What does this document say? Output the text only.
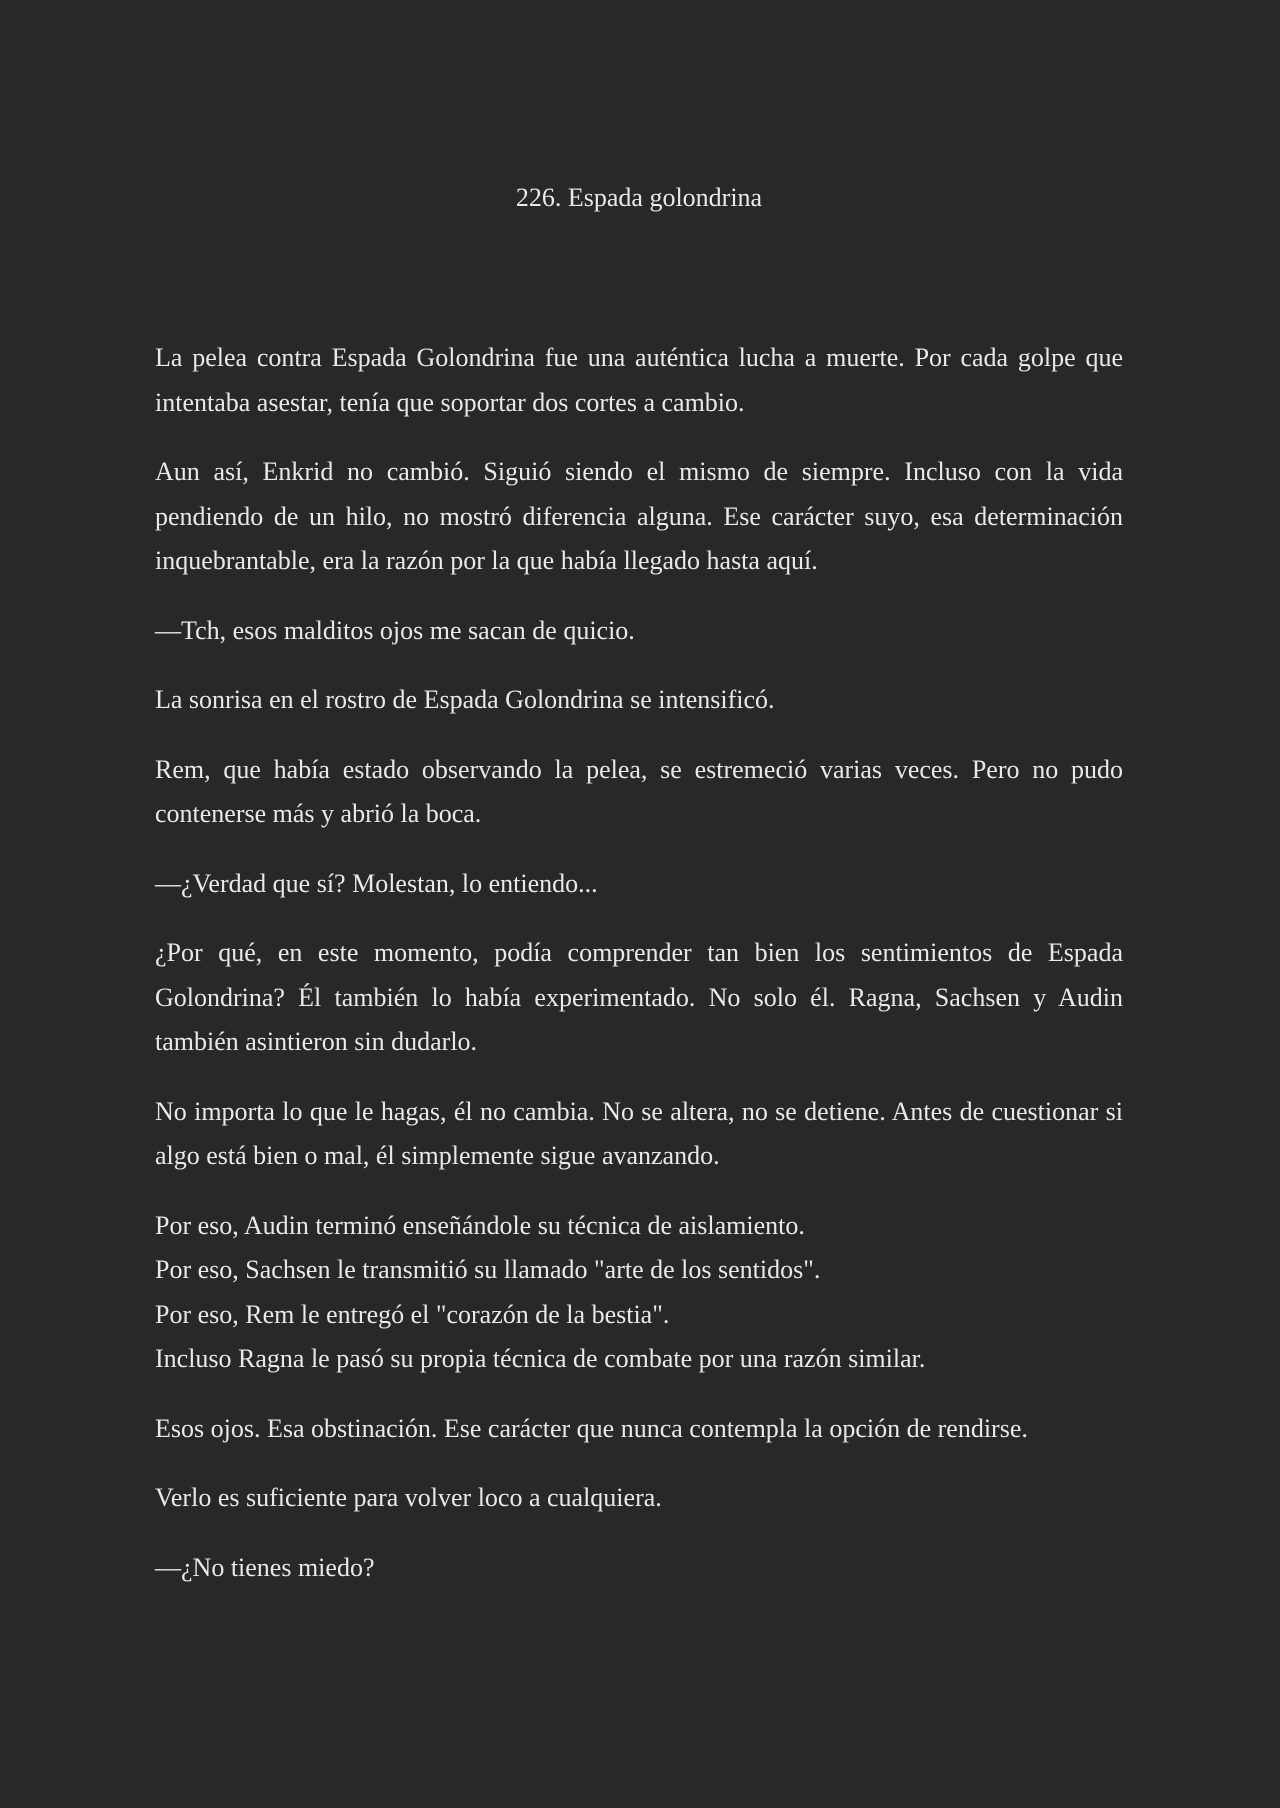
226. Espada golondrina

La pelea contra Espada Golondrina fue una auténtica lucha a muerte. Por cada golpe que intentaba asestar, tenía que soportar dos cortes a cambio.

Aun así, Enkrid no cambió. Siguió siendo el mismo de siempre. Incluso con la vida pendiendo de un hilo, no mostró diferencia alguna. Ese carácter suyo, esa determinación inquebrantable, era la razón por la que había llegado hasta aquí.

—Tch, esos malditos ojos me sacan de quicio.

La sonrisa en el rostro de Espada Golondrina se intensificó.

Rem, que había estado observando la pelea, se estremeció varias veces. Pero no pudo contenerse más y abrió la boca.

—¿Verdad que sí? Molestan, lo entiendo...

¿Por qué, en este momento, podía comprender tan bien los sentimientos de Espada Golondrina? Él también lo había experimentado. No solo él. Ragna, Sachsen y Audin también asintieron sin dudarlo.

No importa lo que le hagas, él no cambia. No se altera, no se detiene. Antes de cuestionar si algo está bien o mal, él simplemente sigue avanzando.

Por eso, Audin terminó enseñándole su técnica de aislamiento.
Por eso, Sachsen le transmitió su llamado "arte de los sentidos".
Por eso, Rem le entregó el "corazón de la bestia".
Incluso Ragna le pasó su propia técnica de combate por una razón similar.

Esos ojos. Esa obstinación. Ese carácter que nunca contempla la opción de rendirse.

Verlo es suficiente para volver loco a cualquiera.

—¿No tienes miedo?
